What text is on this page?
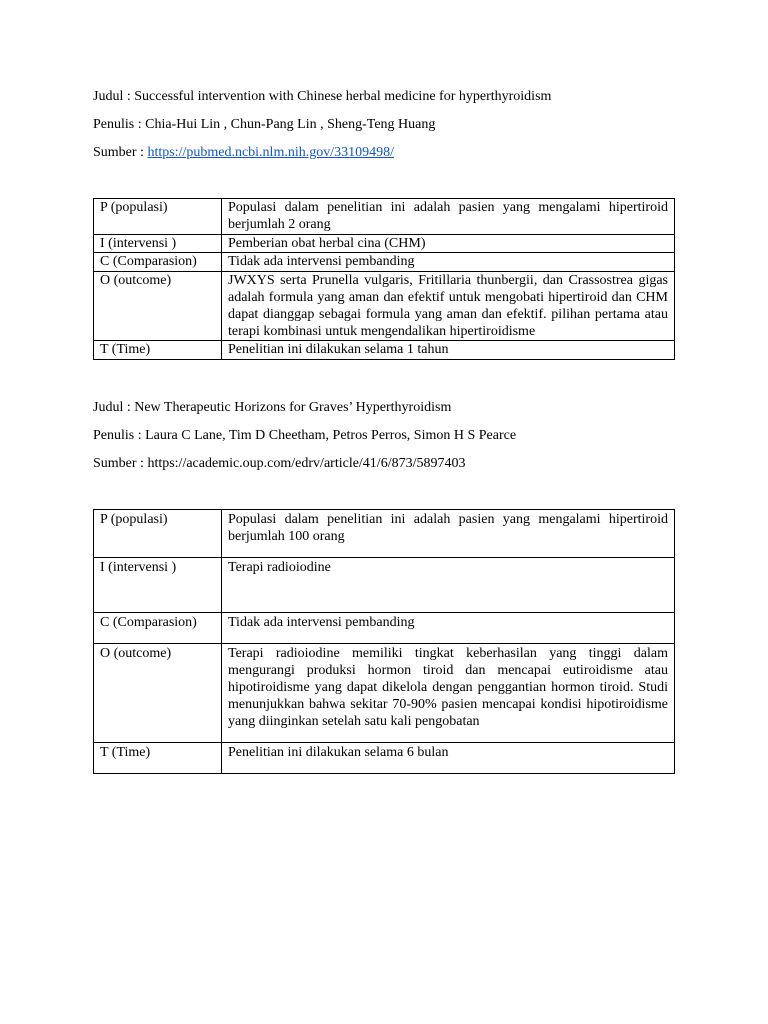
Judul : Successful intervention with Chinese herbal medicine for hyperthyroidism
Penulis : Chia-Hui Lin , Chun-Pang Lin , Sheng-Teng Huang
Sumber : https://pubmed.ncbi.nlm.nih.gov/33109498/
P (populasi)	Populasi dalam penelitian ini adalah pasien yang mengalami hipertiroid berjumlah 2 orang
I (intervensi )	Pemberian obat herbal cina (CHM)
C (Comparasion)	Tidak ada intervensi pembanding
O (outcome)	JWXYS serta Prunella vulgaris, Fritillaria thunbergii, dan Crassostrea gigas adalah formula yang aman dan efektif untuk mengobati hipertiroid dan CHM dapat dianggap sebagai formula yang aman dan efektif. pilihan pertama atau terapi kombinasi untuk mengendalikan hipertiroidisme
T (Time)	Penelitian ini dilakukan selama 1 tahun
Judul : New Therapeutic Horizons for Graves’ Hyperthyroidism
Penulis : Laura C Lane, Tim D Cheetham, Petros Perros, Simon H S Pearce
Sumber : https://academic.oup.com/edrv/article/41/6/873/5897403
P (populasi)	Populasi dalam penelitian ini adalah pasien yang mengalami hipertiroid berjumlah 100 orang
I (intervensi )	Terapi radioiodine
C (Comparasion)	Tidak ada intervensi pembanding
O (outcome)	Terapi radioiodine memiliki tingkat keberhasilan yang tinggi dalam mengurangi produksi hormon tiroid dan mencapai eutiroidisme atau hipotiroidisme yang dapat dikelola dengan penggantian hormon tiroid. Studi menunjukkan bahwa sekitar 70-90% pasien mencapai kondisi hipotiroidisme yang diinginkan setelah satu kali pengobatan
T (Time)	Penelitian ini dilakukan selama 6 bulan
